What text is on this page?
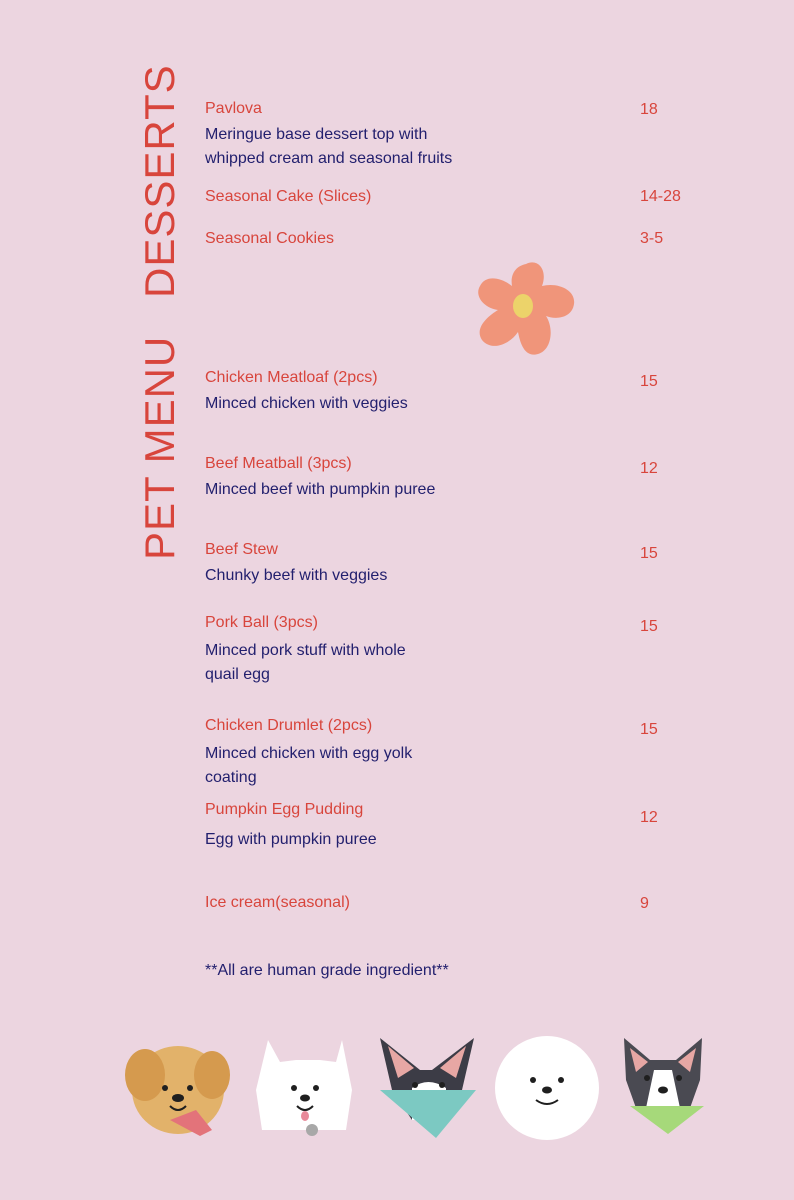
DESSERTS
PET MENU
Pavlova
Meringue base dessert top with whipped cream and seasonal fruits
18
Seasonal Cake (Slices)	14-28
Seasonal Cookies	3-5
Chicken Meatloaf (2pcs)
Minced chicken with veggies
15
Beef Meatball (3pcs)
Minced beef with pumpkin puree
12
Beef Stew
Chunky beef with veggies
15
Pork Ball (3pcs)
Minced pork stuff with whole quail egg
15
Chicken Drumlet (2pcs)
Minced chicken with egg yolk coating
15
Pumpkin Egg Pudding
Egg with pumpkin puree
12
Ice cream(seasonal)	9
**All are human grade ingredient**
